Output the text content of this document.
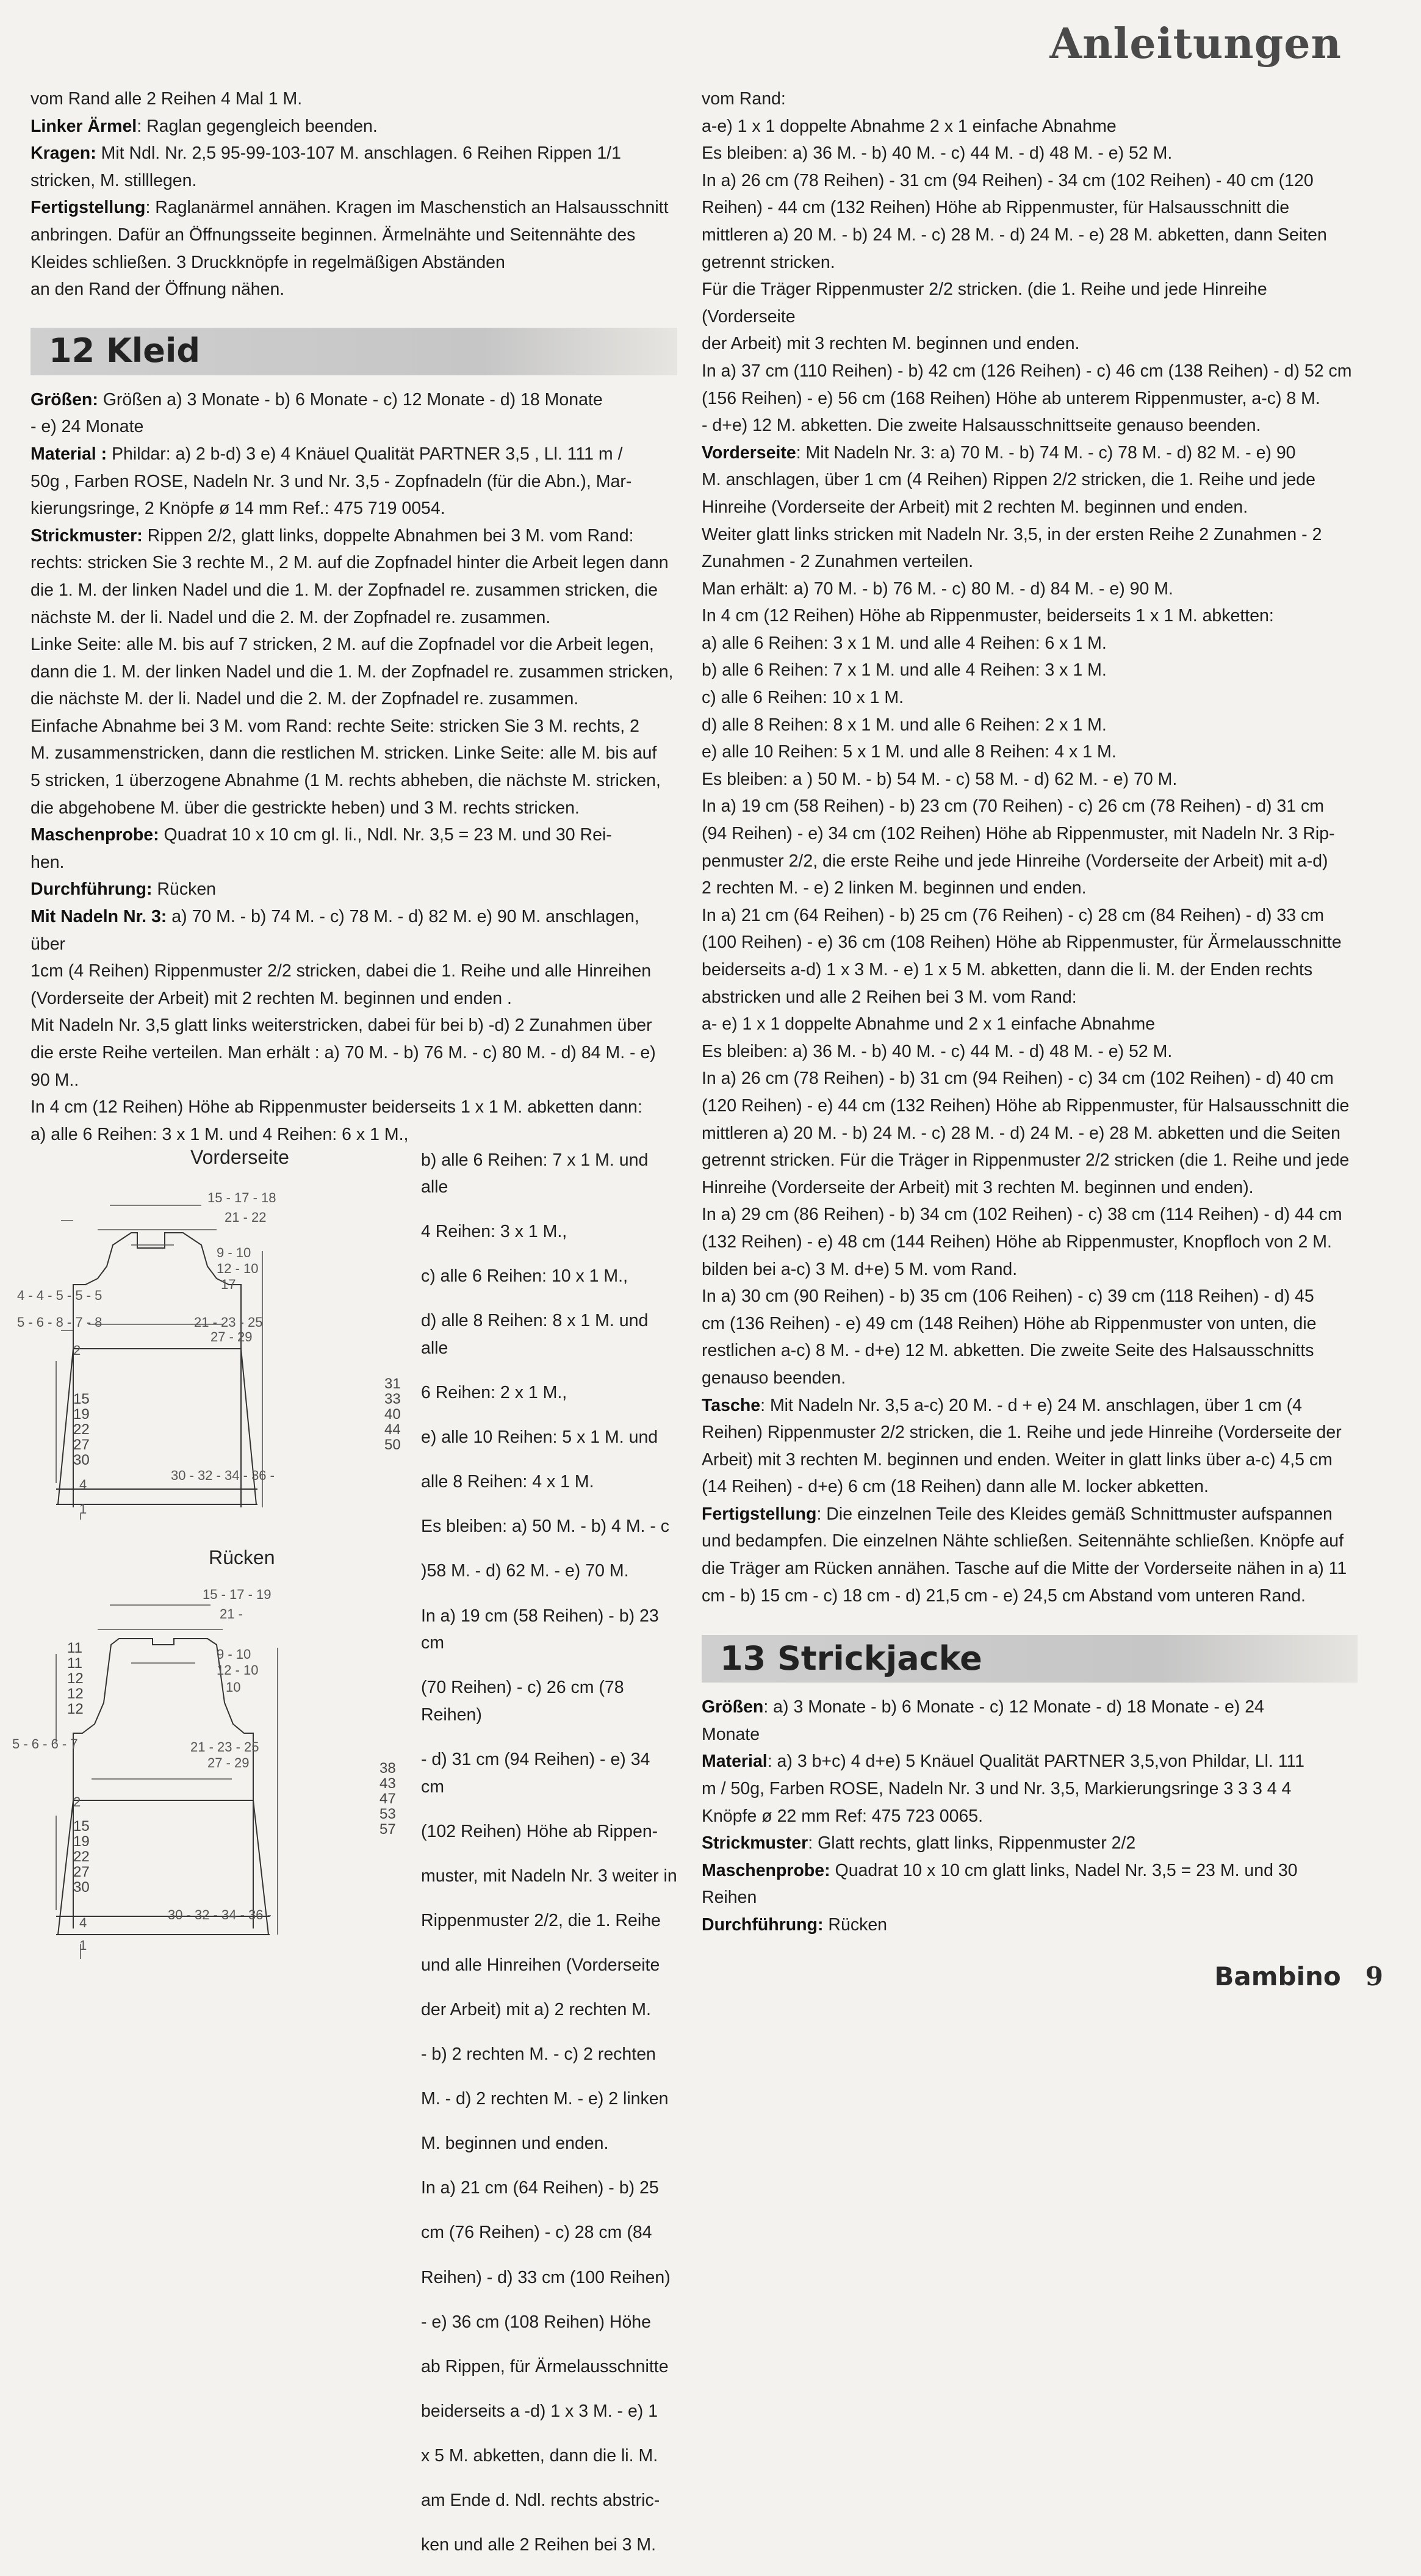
Anleitungen

vom Rand alle 2 Reihen 4 Mal 1 M.

Linker Ärmel: Raglan gegengleich beenden.

Kragen: Mit Ndl. Nr. 2,5 95-99-103-107 M. anschlagen. 6 Reihen Rippen 1/1

stricken, M. stilllegen.

Fertigstellung: Raglanärmel annähen. Kragen im Maschenstich an Halsausschnitt

anbringen. Dafür an Öffnungsseite beginnen. Ärmelnähte und Seitennähte des

Kleides schließen. 3 Druckknöpfe in regelmäßigen Abständen

an den Rand der Öffnung nähen.

12 Kleid

Größen: Größen a) 3 Monate - b) 6 Monate - c) 12 Monate - d) 18 Monate

- e) 24 Monate

Material : Phildar: a) 2 b-d) 3 e) 4 Knäuel Qualität PARTNER 3,5 , Ll. 111 m /

50g , Farben ROSE, Nadeln Nr. 3 und Nr. 3,5 - Zopfnadeln (für die Abn.), Mar-

kierungsringe, 2 Knöpfe ø 14 mm Ref.: 475 719 0054.

Strickmuster: Rippen 2/2, glatt links, doppelte Abnahmen bei 3 M. vom Rand:

rechts: stricken Sie 3 rechte M., 2 M. auf die Zopfnadel hinter die Arbeit legen dann

die 1. M. der linken Nadel und die 1. M. der Zopfnadel re. zusammen stricken, die

nächste M. der li. Nadel und die 2. M. der Zopfnadel re. zusammen.

Linke Seite: alle M. bis auf 7 stricken, 2 M. auf die Zopfnadel vor die Arbeit legen,

dann die 1. M. der linken Nadel und die 1. M. der Zopfnadel re. zusammen stricken,

die nächste M. der li. Nadel und die 2. M. der Zopfnadel re. zusammen.

Einfache Abnahme bei 3 M. vom Rand: rechte Seite: stricken Sie 3 M. rechts, 2

M. zusammenstricken, dann die restlichen M. stricken. Linke Seite: alle M. bis auf

5 stricken, 1 überzogene Abnahme (1 M. rechts abheben, die nächste M. stricken,

die abgehobene M. über die gestrickte heben) und 3 M. rechts stricken.

Maschenprobe: Quadrat 10 x 10 cm gl. li., Ndl. Nr. 3,5 = 23 M. und 30 Rei-

hen.

Durchführung: Rücken

Mit Nadeln Nr. 3: a) 70 M. - b) 74 M. - c) 78 M. - d) 82 M. e) 90 M. anschlagen, über

1cm (4 Reihen) Rippenmuster 2/2 stricken, dabei die 1. Reihe und alle Hinreihen

(Vorderseite der Arbeit) mit 2 rechten M. beginnen und enden .

Mit Nadeln Nr. 3,5 glatt links weiterstricken, dabei für bei b) -d) 2 Zunahmen über

die erste Reihe verteilen. Man erhält : a) 70 M. - b) 76 M. - c) 80 M. - d) 84 M. - e)

90 M..

In 4 cm (12 Reihen) Höhe ab Rippenmuster beiderseits 1 x 1 M. abketten dann:

a) alle 6 Reihen: 3 x 1 M. und 4 Reihen: 6 x 1 M.,

b) alle 6 Reihen: 7 x 1 M. und alle

4 Reihen: 3 x 1 M.,

c) alle 6 Reihen: 10 x 1 M.,

d) alle 8 Reihen: 8 x 1 M. und alle

6 Reihen: 2 x 1 M.,

e) alle 10 Reihen: 5 x 1 M. und

alle 8 Reihen: 4 x 1 M.

Es bleiben: a) 50 M. - b) 4 M. - c

)58 M. - d) 62 M. - e) 70 M.

In a) 19 cm (58 Reihen) - b) 23 cm

(70 Reihen) - c) 26 cm (78 Reihen)

- d) 31 cm (94 Reihen) - e) 34 cm

(102 Reihen) Höhe ab Rippen-

muster, mit Nadeln Nr. 3 weiter in

Rippenmuster 2/2, die 1. Reihe

und alle Hinreihen (Vorderseite

der Arbeit) mit a) 2 rechten M.

- b) 2 rechten M. - c) 2 rechten

M. - d) 2 rechten M. - e) 2 linken

M. beginnen und enden.

In a) 21 cm (64 Reihen) - b) 25

cm (76 Reihen) - c) 28 cm (84

Reihen) - d) 33 cm (100 Reihen)

- e) 36 cm (108 Reihen) Höhe

ab Rippen, für Ärmelausschnitte

beiderseits a -d) 1 x 3 M. - e) 1

x 5 M. abketten, dann die li. M.

am Ende d. Ndl. rechts abstric-

ken und alle 2 Reihen bei 3 M.

Vorderseite
15 - 17 - 18
21 - 22
9 - 10
12 - 10
17
4 - 4 - 5 - 5 - 5
5 - 6 - 8 - 7 - 8	21 - 23 - 25
27 - 29
2
15
19
22
27
30
30 - 32 - 34 - 36 -
4
1
31
33
40
44
50
Rücken
15 - 17 - 19
21 -
9 - 10
12 - 10
10
11
11
12
12
12
5 - 6 - 6 - 7	21 - 23 - 25
27 - 29
2
15
19
22
27
30
30 - 32 - 34 - 36 -
4
1
38
43
47
53
57

vom Rand:

a-e) 1 x 1 doppelte Abnahme 2 x 1 einfache Abnahme

Es bleiben: a) 36 M. - b) 40 M. - c) 44 M. - d) 48 M. - e) 52 M.

In a) 26 cm (78 Reihen) - 31 cm (94 Reihen) - 34 cm (102 Reihen) - 40 cm (120

Reihen) - 44 cm (132 Reihen) Höhe ab Rippenmuster, für Halsausschnitt die

mittleren a) 20 M. - b) 24 M. - c) 28 M. - d) 24 M. - e) 28 M. abketten, dann Seiten

getrennt stricken.

Für die Träger Rippenmuster 2/2 stricken. (die 1. Reihe und jede Hinreihe (Vorderseite

der Arbeit) mit 3 rechten M. beginnen und enden.

In a) 37 cm (110 Reihen) - b) 42 cm (126 Reihen) - c) 46 cm (138 Reihen) - d) 52 cm

(156 Reihen) - e) 56 cm (168 Reihen) Höhe ab unterem Rippenmuster, a-c) 8 M.

- d+e) 12 M. abketten. Die zweite Halsausschnittseite genauso beenden.

Vorderseite: Mit Nadeln Nr. 3: a) 70 M. - b) 74 M. - c) 78 M. - d) 82 M. - e) 90

M. anschlagen, über 1 cm (4 Reihen) Rippen 2/2 stricken, die 1. Reihe und jede

Hinreihe (Vorderseite der Arbeit) mit 2 rechten M. beginnen und enden.

Weiter glatt links stricken mit Nadeln Nr. 3,5, in der ersten Reihe 2 Zunahmen - 2

Zunahmen - 2 Zunahmen verteilen.

Man erhält: a) 70 M. - b) 76 M. - c) 80 M. - d) 84 M. - e) 90 M.

In 4 cm (12 Reihen) Höhe ab Rippenmuster, beiderseits 1 x 1 M. abketten:

a) alle 6 Reihen: 3 x 1 M. und alle 4 Reihen: 6 x 1 M.

b) alle 6 Reihen: 7 x 1 M. und alle 4 Reihen: 3 x 1 M.

c) alle 6 Reihen: 10 x 1 M.

d) alle 8 Reihen: 8 x 1 M. und alle 6 Reihen: 2 x 1 M.

e) alle 10 Reihen: 5 x 1 M. und alle 8 Reihen: 4 x 1 M.

Es bleiben: a ) 50 M. - b) 54 M. - c) 58 M. - d) 62 M. - e) 70 M.

In a) 19 cm (58 Reihen) - b) 23 cm (70 Reihen) - c) 26 cm (78 Reihen) - d) 31 cm

(94 Reihen) - e) 34 cm (102 Reihen) Höhe ab Rippenmuster, mit Nadeln Nr. 3 Rip-

penmuster 2/2, die erste Reihe und jede Hinreihe (Vorderseite der Arbeit) mit a-d)

2 rechten M. - e) 2 linken M. beginnen und enden.

In a) 21 cm (64 Reihen) - b) 25 cm (76 Reihen) - c) 28 cm (84 Reihen) - d) 33 cm

(100 Reihen) - e) 36 cm (108 Reihen) Höhe ab Rippenmuster, für Ärmelausschnitte

beiderseits a-d) 1 x 3 M. - e) 1 x 5 M. abketten, dann die li. M. der Enden rechts

abstricken und alle 2 Reihen bei 3 M. vom Rand:

a- e) 1 x 1 doppelte Abnahme und 2 x 1 einfache Abnahme

Es bleiben: a) 36 M. - b) 40 M. - c) 44 M. - d) 48 M. - e) 52 M.

In a) 26 cm (78 Reihen) - b) 31 cm (94 Reihen) - c) 34 cm (102 Reihen) - d) 40 cm

(120 Reihen) - e) 44 cm (132 Reihen) Höhe ab Rippenmuster, für Halsausschnitt die

mittleren a) 20 M. - b) 24 M. - c) 28 M. - d) 24 M. - e) 28 M. abketten und die Seiten

getrennt stricken. Für die Träger in Rippenmuster 2/2 stricken (die 1. Reihe und jede

Hinreihe (Vorderseite der Arbeit) mit 3 rechten M. beginnen und enden).

In a) 29 cm (86 Reihen) - b) 34 cm (102 Reihen) - c) 38 cm (114 Reihen) - d) 44 cm

(132 Reihen) - e) 48 cm (144 Reihen) Höhe ab Rippenmuster, Knopfloch von 2 M.

bilden bei a-c) 3 M. d+e) 5 M. vom Rand.

In a) 30 cm (90 Reihen) - b) 35 cm (106 Reihen) - c) 39 cm (118 Reihen) - d) 45

cm (136 Reihen) - e) 49 cm (148 Reihen) Höhe ab Rippenmuster von unten, die

restlichen a-c) 8 M. - d+e) 12 M. abketten. Die zweite Seite des Halsausschnitts

genauso beenden.

Tasche: Mit Nadeln Nr. 3,5 a-c) 20 M. - d + e) 24 M. anschlagen, über 1 cm (4

Reihen) Rippenmuster 2/2 stricken, die 1. Reihe und jede Hinreihe (Vorderseite der

Arbeit) mit 3 rechten M. beginnen und enden. Weiter in glatt links über a-c) 4,5 cm

(14 Reihen) - d+e) 6 cm (18 Reihen) dann alle M. locker abketten.

Fertigstellung: Die einzelnen Teile des Kleides gemäß Schnittmuster aufspannen

und bedampfen. Die einzelnen Nähte schließen. Seitennähte schließen. Knöpfe auf

die Träger am Rücken annähen. Tasche auf die Mitte der Vorderseite nähen in a) 11

cm - b) 15 cm - c) 18 cm - d) 21,5 cm - e) 24,5 cm Abstand vom unteren Rand.

13 Strickjacke

Größen: a) 3 Monate - b) 6 Monate - c) 12 Monate - d) 18 Monate - e) 24

Monate

Material: a) 3 b+c) 4 d+e) 5 Knäuel Qualität PARTNER 3,5,von Phildar, Ll. 111

m / 50g, Farben ROSE, Nadeln Nr. 3 und Nr. 3,5, Markierungsringe 3 3 3 4 4

Knöpfe ø 22 mm Ref: 475 723 0065.

Strickmuster: Glatt rechts, glatt links, Rippenmuster 2/2

Maschenprobe: Quadrat 10 x 10 cm glatt links, Nadel Nr. 3,5 = 23 M. und 30

Reihen

Durchführung: Rücken

Bambino 9
